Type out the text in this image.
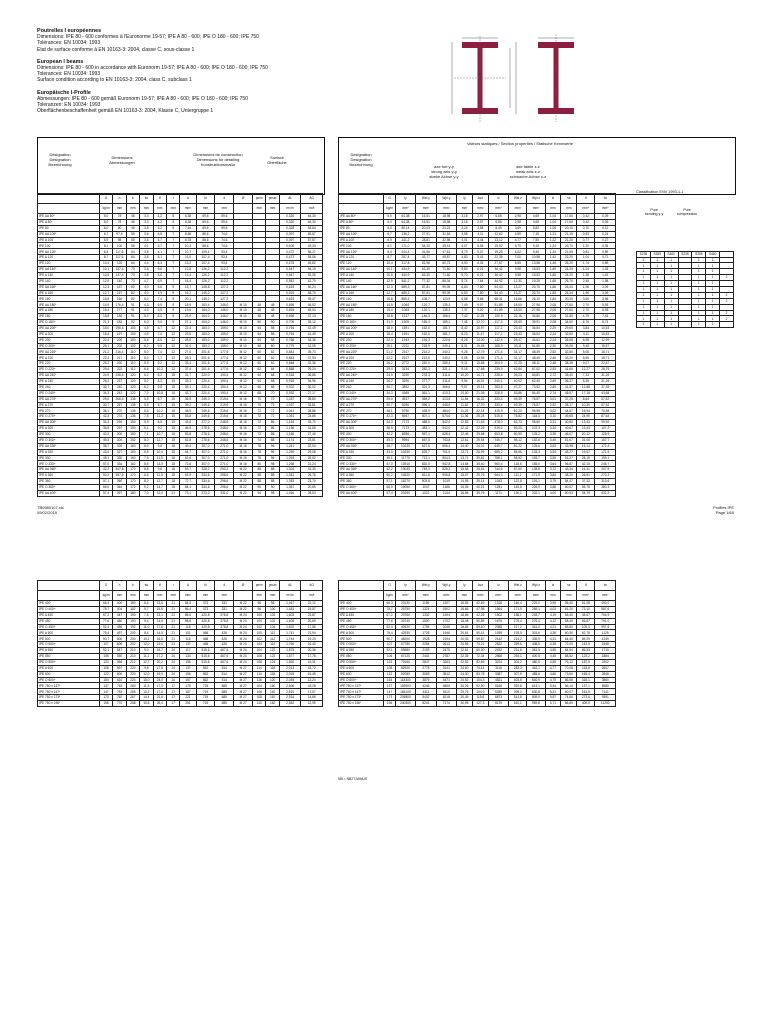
Poutrelles I européennes
Dimensions: IPE 80 - 600 conformes à l'Euronorme 19-57; IPE A 80 - 600; IPE O 180 - 600; IPE 750
Tolérances: EN 10034: 1993
Etat de surface conforme à EN 10163-3: 2004, classe C, sous-classe 1
European I beams
Dimensions: IPE 80 - 600 in accordance with Euronorm 19-57; IPE A 80 - 600; IPE O 180 - 600; IPE 750
Tolerances: EN 10034: 1993
Surface condition according to EN 10163-3: 2004, class C, subclass 1
Europäische I-Profile
Abmessungen: IPE 80 - 600 gemäß Euronorm 19-57; IPE A 80 - 600; IPE O 180 - 600; IPE 750
Toleranzen: EN 10034: 1993
Oberflächenbeschaffenheit gemäß EN 10163-3: 2004, Klasse C, Untergruppe 1
Désignation
Designation
Bezeichnung
Dimensions
Abmessungen
Dimensions de construction
Dimensions for detailing
Konstruktionsmaße
Surface
Oberfläche
Désignation
Designation
Bezeichnung
Valeurs statiques / Section properties / Statische Kennwerte
axe fort y-y
strong axis y-y
starke Achse y-y
axe faible z-z
weak axis z-z
schwache Achse z-z
Classification ENV 1993-1-1
Pure
bending y-y
Pure
compression
	G	h	b	tw	tf	r	A	hi	d	Ø	pmin	pmax	AL	AG
	kg/m	mm	mm	mm	mm	mm	mm²	mm	mm		mm	mm	m²/m	m²/t
IPE AA 80*	5,0	78	46	3,3	4,2	5	6,38	69,6	59,6				0,320	64,30
IPE A 80*	5,0	78	46	3,3	4,2	5	6,38	69,6	59,6				0,320	64,30
IPE 80	6,0	80	46	3,8	5,2	5	7,64	69,6	59,6				0,328	54,64
IPE AA 100*	6,7	97,6	55	3,6	4,5	7	8,56	88,6	74,6				0,397	59,57
IPE A 100	6,9	98	55	3,6	4,7	7	8,78	88,6	74,6				0,397	57,57
IPE 100	8,1	100	55	4,1	5,7	7	10,3	88,6	74,6				0,400	49,33
IPE AA 120*	8,4	117,6	64	3,8	4,1	7	10,7	109,4	93,4				0,472	56,27
IPE A 120	8,7	117,6	64	3,8	5,1	7	11,0	107,4	93,4				0,472	54,06
IPE 120	10,4	120	64	4,4	6,3	7	13,2	107,4	93,4				0,475	45,82
IPE AA 140*	10,1	137,4	73	3,8	5,6	7	12,8	126,2	112,2				0,547	54,19
IPE A 140	10,5	137,4	73	3,8	5,6	7	13,4	126,2	112,2				0,547	52,05
IPE 140	12,9	140	73	4,7	6,9	7	16,4	126,2	112,2				0,551	42,70
IPE AA 160*	12,3	157	82	4,0	5,6	9	15,7	145,8	127,2				0,619	50,24
IPE A 160	12,7	157	82	4,0	5,9	9	16,2	145,2	127,2				0,619	48,70
IPE 160	15,8	160	82	5,0	7,4	9	20,1	145,2	127,2				0,623	39,47
IPE AA 180*	14,9	176,4	91	4,3	6,5	9	18,9	163,4	146,0	M 10	48	48	0,695	46,52
IPE A 180	15,4	177	91	4,3	6,5	9	19,6	164,0	146,0	M 10	48	48	0,694	45,04
IPE 180	18,8	180	91	5,3	8,0	9	23,9	164,0	146,0	M 10	48	48	0,698	37,13
IPE O 180+	21,3	182	92	6,0	9,0	9	27,1	164,0	146,0	M 10	50	50	0,705	33,12
IPE AA 200*	18,0	196,4	100	4,5	6,7	12	22,4	183,0	159,0	M 10	54	58	0,764	42,49
IPE A 200	18,4	197	100	4,5	7,0	12	23,5	183,0	159,0	M 10	54	58	0,764	41,49
IPE 200	22,4	200	100	5,6	8,5	12	28,5	183,0	159,0	M 10	54	58	0,768	34,36
IPE O 200+	25,1	202	102	6,2	9,5	12	32,0	183,0	159,0	M 10	56	60	0,779	31,05
IPE AA 220*	21,2	216,4	110	5,0	7,4	12	27,0	201,6	177,6	M 12	60	62	0,843	39,73
IPE A 220	22,2	217	110	5,0	7,7	12	28,3	201,6	177,6	M 12	60	62	0,843	37,93
IPE 220	26,2	220	110	5,9	9,2	12	33,4	201,6	177,6	M 12	60	62	0,848	32,36
IPE O 220+	29,4	222	112	6,6	10,2	12	37,4	201,6	177,6	M 12	62	64	0,858	29,24
IPE AA 240*	24,9	236,4	120	5,2	8,2	15	31,7	220,0	190,4	M 12	64	68	0,918	36,86
IPE A 240	26,2	237	120	5,2	8,3	15	33,3	220,4	190,4	M 12	64	68	0,918	34,96
IPE 240	30,7	240	120	6,2	9,8	15	39,1	220,4	190,4	M 12	66	68	0,922	30,02
IPE O 240+	34,3	242	122	7,0	10,8	15	43,7	220,4	190,4	M 12	68	70	0,932	27,17
IPE AA 270*	29,0	266,4	135	5,5	8,7	15	36,9	249,0	219,6	M 16	70	72	1,037	35,80
IPE A 270	30,7	267	135	5,5	8,7	15	39,2	249,6	219,6	M 16	70	72	1,037	33,81
IPE 270	36,1	270	135	6,6	10,2	15	45,9	249,6	219,6	M 16	72	72	1,041	28,86
IPE O 270+	42,3	274	136	7,5	12,2	15	53,8	249,6	219,6	M 16	72	72	1,051	24,85
IPE AA 300*	34,3	294	150	5,9	8,5	15	43,6	277,0	248,6	M 16	72	86	1,154	33,70
IPE A 300	36,5	297	150	6,1	9,2	15	46,5	278,6	248,6	M 16	72	86	1,156	31,65
IPE 300	42,2	300	150	7,1	10,7	15	53,8	278,6	248,6	M 16	72	86	1,160	27,46
IPE O 300+	49,3	304	152	8,0	12,7	15	62,8	278,6	248,6	M 16	74	88	1,174	23,81
IPE AA 330*	38,7	326	160	6,0	9,5	18	49,4	307,0	271,0	M 16	78	96	1,241	32,04
IPE A 330	43,0	327	160	6,5	10,0	18	54,7	307,0	271,0	M 16	78	96	1,250	29,08
IPE 330	49,1	330	160	7,5	11,5	18	62,6	307,0	271,0	M 16	78	96	1,254	25,52
IPE O 330+	57,0	334	162	8,5	13,5	18	72,6	307,0	271,0	M 16	80	98	1,268	22,24
IPE AA 360*	42,2	347,8	170	6,6	9,8	18	53,7	328,2	290,2	M 22	88	88	1,324	31,30
IPE A 360	50,2	357,6	170	6,6	11,5	18	63,9	334,6	298,6	M 22	88	88	1,341	26,78
IPE 360	57,1	360	170	8,0	12,7	18	72,7	334,6	298,6	M 22	88	88	1,353	23,70
IPE O 360+	66,0	364	172	9,2	14,7	18	84,1	334,6	298,6	M 22	90	90	1,367	20,69
IPE AA 400*	57,4	397	180	7,0	12,0	21	73,1	373,0	331,0	M 22	94	98	1,464	28,53
	G	Iy	Wel.y	Wpl.y	iy	Avz	Iz	Wel.z	Wpl.z	iz	ss	It	Iw
	kg/m	mm⁴	mm³	mm³	mm	mm²	mm⁴	mm³	mm³	mm	mm	mm⁴	mm⁶
IPE AA 80*	5,0	64,38	16,51	18,98	3,18	2,97	6,85	2,98	4,69	1,04	17,60	0,42	0,09
IPE A 80*	5,0	64,38	16,51	18,98	3,18	2,97	6,85	2,98	4,69	1,04	17,60	0,42	0,09
IPE 80	6,0	80,14	20,03	23,22	3,24	3,58	8,49	3,69	5,82	1,05	20,10	0,70	0,12
IPE AA 100*	6,7	136,2	27,91	31,54	3,98	4,11	12,62	4,59	7,19	1,21	21,15	0,53	0,24
IPE A 100	6,9	141,2	28,81	32,98	4,01	4,44	13,12	4,77	7,50	1,22	21,20	0,77	0,27
IPE 100	8,1	171,0	34,20	39,41	4,07	5,08	15,92	5,79	9,15	1,24	23,70	1,20	0,35
IPE AA 120*	8,4	244,4	41,56	47,61	4,79	5,07	19,25	6,02	9,40	1,34	21,55	0,81	0,59
IPE A 120	8,7	257,4	43,77	49,87	4,83	5,41	22,39	7,00	10,98	1,42	22,20	1,04	0,71
IPE 120	10,4	317,8	52,96	60,73	4,90	6,31	27,67	8,65	13,58	1,45	25,20	1,74	0,89
IPE AA 140*	10,1	434,9	63,30	71,60	5,83	6,21	36,42	9,98	15,53	1,69	24,25	1,24	1,33
IPE A 140	10,5	434,9	63,30	71,60	5,70	6,21	36,42	9,98	15,53	1,65	24,20	1,36	1,43
IPE 140	12,9	541,2	77,32	88,34	5,74	7,64	44,92	12,31	19,25	1,65	26,70	2,45	1,98
IPE AA 160*	12,3	689,3	87,81	99,09	6,63	7,80	54,43	13,27	20,70	1,86	26,34	1,96	3,09
IPE A 160	12,7	689,3	87,81	99,09	6,53	7,80	54,43	13,27	20,70	1,83	26,34	1,96	3,09
IPE 160	15,8	869,3	108,7	123,9	6,58	9,66	68,31	16,66	26,10	1,84	30,30	3,60	3,96
IPE AA 180*	14,9	1064	120,7	135,3	7,49	9,07	81,89	18,00	27,96	2,08	27,60	2,70	5,93
IPE A 180	15,4	1063	120,1	135,3	7,37	9,20	81,89	18,00	27,96	2,05	27,60	2,70	5,93
IPE 180	18,8	1317	146,3	166,4	7,42	11,25	100,9	22,16	34,60	2,05	31,80	4,79	7,43
IPE O 180+	21,3	1505	165,4	189,1	7,45	12,70	117,3	25,50	39,91	2,08	34,60	6,76	8,74
IPE AA 200*	18,0	1591	162,0	181,7	8,42	10,97	117,2	23,43	36,54	2,29	29,60	3,84	10,53
IPE A 200	18,4	1591	162,0	181,7	8,23	11,47	117,2	23,43	36,54	2,24	32,60	4,11	10,53
IPE 200	22,4	1943	194,3	220,6	8,26	14,00	142,4	28,47	44,61	2,24	36,66	6,98	12,99
IPE O 200+	25,1	2211	218,9	249,4	8,31	15,45	168,9	33,11	51,89	2,30	39,26	9,45	15,57
IPE AA 220*	21,2	2317	214,2	240,2	9,26	12,79	171,4	31,17	48,49	2,52	32,80	5,06	18,71
IPE A 220	22,2	2317	213,5	240,2	9,05	13,55	171,4	31,17	48,49	2,46	33,20	5,69	18,71
IPE 220	26,2	2772	252,0	285,4	9,11	15,88	204,9	37,25	58,11	2,48	38,36	9,07	22,67
IPE O 220+	29,4	3134	282,3	321,1	9,15	17,68	239,9	42,84	67,02	2,53	41,66	12,27	26,79
IPE AA 240*	24,9	3290	278,3	311,6	10,20	14,71	235,4	39,23	60,81	2,72	35,40	7,33	31,26
IPE A 240	26,2	3290	277,7	311,6	9,94	16,31	240,1	40,02	62,40	2,69	36,37	8,35	31,26
IPE 240	30,7	3892	324,3	366,6	9,97	19,14	283,6	47,27	73,92	2,69	41,57	12,88	37,39
IPE O 240+	34,3	4369	361,1	410,3	10,00	21,36	328,5	53,86	84,40	2,74	45,57	17,18	43,68
IPE AA 270*	29,0	4917	369,2	413,5	11,54	16,32	333,4	49,39	76,57	3,01	37,25	8,64	57,52
IPE A 270	30,7	5290	396,3	445,9	11,62	17,70	333,4	49,39	76,57	2,92	38,17	10,30	57,52
IPE 270	36,1	5790	428,9	484,0	11,23	22,14	419,9	62,20	96,95	3,02	44,57	15,94	70,58
IPE O 270+	42,3	6947	507,1	574,6	11,36	25,24	515,6	75,82	118,3	3,10	49,65	24,90	87,64
IPE AA 300*	34,3	7173	488,0	542,0	12,83	21,63	478,0	63,73	98,60	3,31	40,80	13,43	99,92
IPE A 300	36,5	7173	483,1	542,0	12,42	22,25	519,0	69,20	107,3	3,34	40,67	13,43	107,2
IPE 300	42,2	8356	557,1	628,4	12,46	25,68	603,8	80,50	125,2	3,35	46,07	20,12	125,9
IPE O 300+	49,3	9994	657,5	743,8	12,61	29,54	745,7	98,12	152,6	3,45	51,67	31,06	157,7
IPE AA 330*	38,7	10230	627,6	696,4	14,40	24,01	649,7	81,22	125,6	3,63	43,95	15,14	172,4
IPE A 330	43,0	10230	625,7	701,9	13,71	26,99	685,2	85,66	133,3	3,54	45,27	19,57	171,5
IPE 330	49,1	11770	713,1	804,3	13,71	30,81	788,1	98,52	153,7	3,55	51,27	28,15	199,1
IPE O 330+	57,0	13910	833,0	942,8	13,84	35,40	960,4	118,6	185,0	3,64	56,87	42,15	245,7
IPE AA 360*	42,2	13030	749,3	828,2	15,58	25,51	744,6	87,60	135,8	3,72	43,34	16,31	207,5
IPE A 360	50,2	14520	811,8	906,8	15,07	29,76	944,3	111,1	171,9	3,84	48,20	26,51	270,3
IPE 360	57,1	16270	903,6	1019	14,95	35,14	1043	122,8	191,1	3,79	54,47	37,32	313,6
IPE O 360+	66,0	19050	1047	1186	15,05	40,21	1251	145,5	226,9	3,86	60,57	55,76	380,3
IPE AA 400*	57,4	20290	1022	1144	16,66	35,76	1171	130,1	202,1	4,00	50,53	34,79	432,2
	G	h	b	tw	tf	r	A	hi	d	Ø	pmin	pmax	AL	AG
	kg/m	mm	mm	mm	mm	mm	mm²	mm	mm		mm	mm	m²/m	m²/t
IPE 400	66,3	400	180	8,6	13,5	21	84,5	373	331	M 22	96	98	1,467	22,12
IPE O 400+	75,7	404	182	9,7	15,5	21	96,4	373	331	M 22	96	100	1,481	19,57
IPE A 450	67,2	447	190	7,6	13,1	21	85,6	420,8	378,8	M 24	100	102	1,603	23,87
IPE 450	77,6	450	190	9,4	14,6	21	98,8	420,8	378,8	M 24	100	102	1,605	20,69
IPE O 450+	92,4	456	192	11,0	17,6	21	118	420,8	378,8	M 24	102	104	1,622	17,56
IPE A 500	79,4	497	200	8,4	14,5	21	101	468	426	M 24	100	112	1,741	21,94
IPE 500	90,7	500	200	10,2	16,0	21	116	468	426	M 24	102	112	1,744	19,23
IPE O 500+	107	506	202	12,0	19,0	21	137	468	426	M 24	104	114	1,760	16,40
IPE A 550	92,1	547	210	9,0	15,7	24	117	515,6	467,6	M 24	104	122	1,875	20,36
IPE 550	106	550	210	11,1	17,2	24	134	515,6	467,6	M 24	106	122	1,877	17,78
IPE O 550+	123	556	212	12,7	20,2	24	156	515,6	467,6	M 24	108	124	1,893	15,31
IPE A 600	108	597	220	9,8	17,5	24	137	562	514	M 27	114	118	2,013	18,72
IPE 600	122	600	220	12,0	19,0	24	156	562	514	M 27	114	118	2,015	16,45
IPE O 600+	154	610	224	15,0	24,0	24	197	562	514	M 27	116	120	2,045	13,24
IPE 750 x 137*	137	753	263	11,5	17,0	17	175	719	685	M 27	104	160	2,506	18,28
IPE 750 x 147*	147	753	265	13,2	17,0	17	187	719	685	M 27	106	162	2,510	17,07
IPE 750 x 173*	173	762	267	14,4	21,6	17	221	719	685	M 27	108	162	2,534	14,66
IPE 750 x 196*	196	770	268	15,6	25,4	17	251	719	685	M 27	110	162	2,552	12,99
	G	Iy	Wel.y	Wpl.y	iy	Avz	Iz	Wel.z	Wpl.z	iz	ss	It	Iw
	kg/m	mm⁴	mm³	mm³	mm	mm²	mm⁴	mm³	mm³	mm	mm	mm⁴	mm⁶
IPE 400	66,3	23130	1156	1307	16,55	42,69	1318	146,4	229,0	3,95	55,40	51,08	490,0
IPE O 400+	75,7	26750	1324	1502	16,66	47,98	1564	171,9	269,1	4,03	61,20	73,10	587,6
IPE A 450	67,2	29760	1332	1494	18,65	42,26	1502	158,1	245,7	4,19	55,40	45,67	704,9
IPE 450	77,6	33740	1500	1702	18,48	50,85	1676	176,4	276,4	4,12	58,40	66,87	791,0
IPE O 450+	92,4	40920	1795	2046	18,65	59,40	2085	217,2	341,0	4,21	65,80	109,0	997,6
IPE A 500	79,4	42930	1728	1946	20,61	50,41	1939	193,9	301,6	4,38	60,30	62,78	1125
IPE 500	90,7	48200	1928	2194	20,43	59,87	2142	214,2	335,9	4,31	64,40	89,29	1249
IPE O 500+	107	57780	2284	2613	20,56	70,21	2622	259,6	408,5	4,38	72,00	143,5	1548
IPE A 550	92,1	59980	2193	2475	22,61	60,30	2432	231,6	361,5	4,55	64,54	86,53	1710
IPE 550	106	67120	2441	2787	22,35	72,34	2668	254,1	400,5	4,45	68,52	123,2	1884
IPE O 550+	123	79160	2847	3263	22,52	82,69	3224	304,2	480,5	4,55	76,12	187,5	2302
IPE A 600	108	82920	2778	3141	24,60	70,14	3116	283,3	442,1	4,77	70,08	118,8	2607
IPE 600	122	92080	3069	3512	24,30	83,78	3387	307,9	485,6	4,66	73,60	165,4	2846
IPE O 600+	154	118300	3879	4471	24,52	104,3	4521	403,6	640,9	4,79	86,56	318,1	3860
IPE 750 x 137*	137	159900	4246	4865	30,26	92,90	5166	392,8	614,1	5,44	56,14	137,1	6980
IPE 750 x 147*	147	166100	4411	5110	29,76	104,0	5289	399,2	630,8	5,31	60,07	161,5	7141
IPE 750 x 173*	173	205800	5402	6218	30,49	115,8	6873	514,8	809,9	5,57	74,66	273,6	9391
IPE 750 x 196*	196	240300	6241	7174	30,95	127,3	8175	610,1	959,8	5,71	86,80	409,5	11290
S235	S355	S460	S235	S355	S460	
1	1	1		1	1	
1	1	1		1	1	
1	1	1		1	1	
1	1	1		1	1	2
1	1	1		1	1	
1	1	1		1	1	
1	1	1		1	1	2
1	1	1		1	1	2
1	1	1		1	1	
1	1	1		1	1	2
1	1	1		1	1	2
1	1	1		1	1	
TB0980107.xls
09/02/2015
Profilés IPE
Page 1/65
NB = NB2T-MINUS
